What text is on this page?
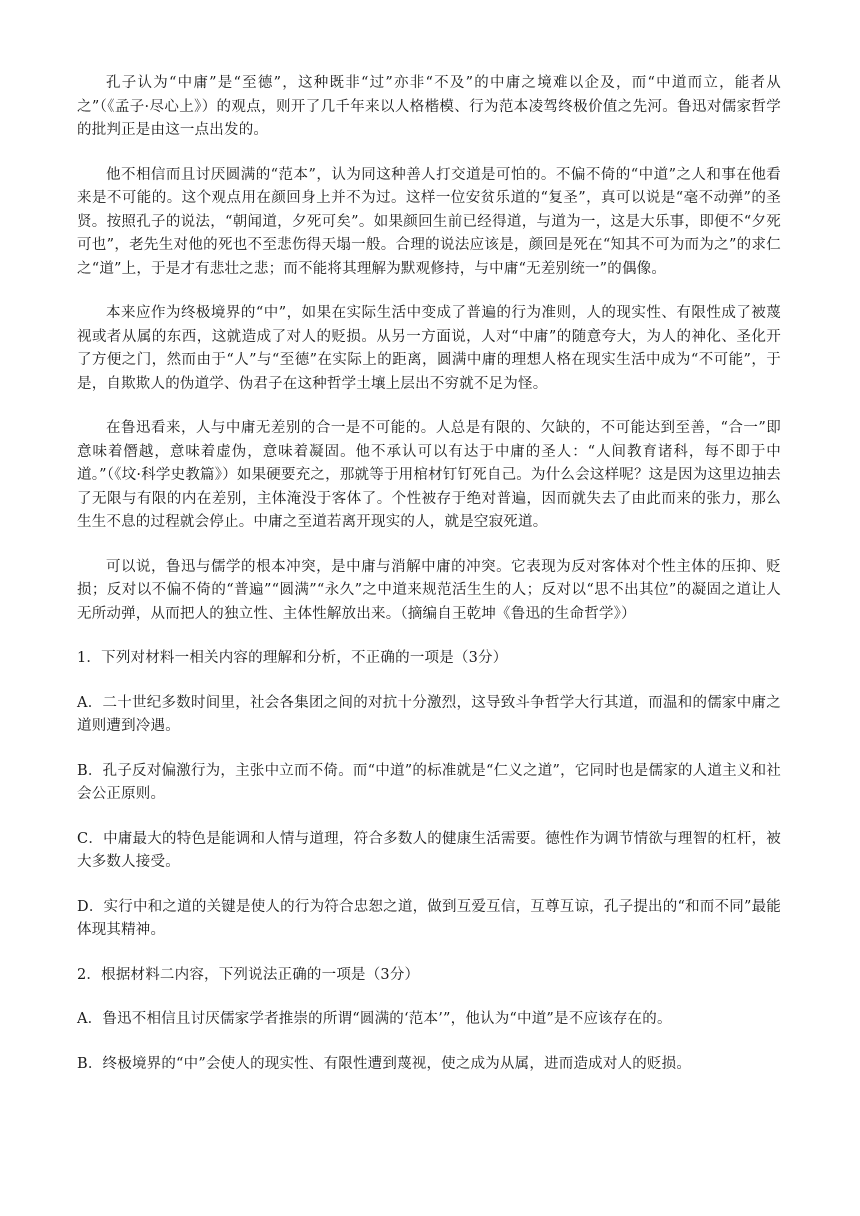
孔子认为“中庸”是“至德”，这种既非“过”亦非“不及”的中庸之境难以企及，而“中道而立，能者从之”（《孟子·尽心上》）的观点，则开了几千年来以人格楷模、行为范本凌驾终极价值之先河。鲁迅对儒家哲学的批判正是由这一点出发的。

他不相信而且讨厌圆满的“范本”，认为同这种善人打交道是可怕的。不偏不倚的“中道”之人和事在他看来是不可能的。这个观点用在颜回身上并不为过。这样一位安贫乐道的“复圣”，真可以说是“毫不动弹”的圣贤。按照孔子的说法，“朝闻道，夕死可矣”。如果颜回生前已经得道，与道为一，这是大乐事，即便不“夕死可也”，老先生对他的死也不至悲伤得天塌一般。合理的说法应该是，颜回是死在“知其不可为而为之”的求仁之“道”上，于是才有悲壮之悲；而不能将其理解为默观修持，与中庸“无差别统一”的偶像。

本来应作为终极境界的“中”，如果在实际生活中变成了普遍的行为准则，人的现实性、有限性成了被蔑视或者从属的东西，这就造成了对人的贬损。从另一方面说，人对“中庸”的随意夸大，为人的神化、圣化开了方便之门，然而由于“人”与“至德”在实际上的距离，圆满中庸的理想人格在现实生活中成为“不可能”，于是，自欺欺人的伪道学、伪君子在这种哲学土壤上层出不穷就不足为怪。

在鲁迅看来，人与中庸无差别的合一是不可能的。人总是有限的、欠缺的，不可能达到至善，“合一”即意味着僭越，意味着虚伪，意味着凝固。他不承认可以有达于中庸的圣人：“人间教育诸科，每不即于中道。”（《坟·科学史教篇》）如果硬要充之，那就等于用棺材钉钉死自己。为什么会这样呢？这是因为这里边抽去了无限与有限的内在差别，主体淹没于客体了。个性被存于绝对普遍，因而就失去了由此而来的张力，那么生生不息的过程就会停止。中庸之至道若离开现实的人，就是空寂死道。

可以说，鲁迅与儒学的根本冲突，是中庸与消解中庸的冲突。它表现为反对客体对个性主体的压抑、贬损；反对以不偏不倚的“普遍”“圆满”“永久”之中道来规范活生生的人；反对以“思不出其位”的凝固之道让人无所动弹，从而把人的独立性、主体性解放出来。（摘编自王乾坤《鲁迅的生命哲学》）

1．下列对材料一相关内容的理解和分析，不正确的一项是（3分）

A．二十世纪多数时间里，社会各集团之间的对抗十分激烈，这导致斗争哲学大行其道，而温和的儒家中庸之道则遭到冷遇。

B．孔子反对偏激行为，主张中立而不倚。而“中道”的标准就是“仁义之道”，它同时也是儒家的人道主义和社会公正原则。

C．中庸最大的特色是能调和人情与道理，符合多数人的健康生活需要。德性作为调节情欲与理智的杠杆，被大多数人接受。

D．实行中和之道的关键是使人的行为符合忠恕之道，做到互爱互信，互尊互谅，孔子提出的“和而不同”最能体现其精神。

2．根据材料二内容，下列说法正确的一项是（3分）

A．鲁迅不相信且讨厌儒家学者推崇的所谓“圆满的‘范本’”，他认为“中道”是不应该存在的。

B．终极境界的“中”会使人的现实性、有限性遭到蔑视，使之成为从属，进而造成对人的贬损。
